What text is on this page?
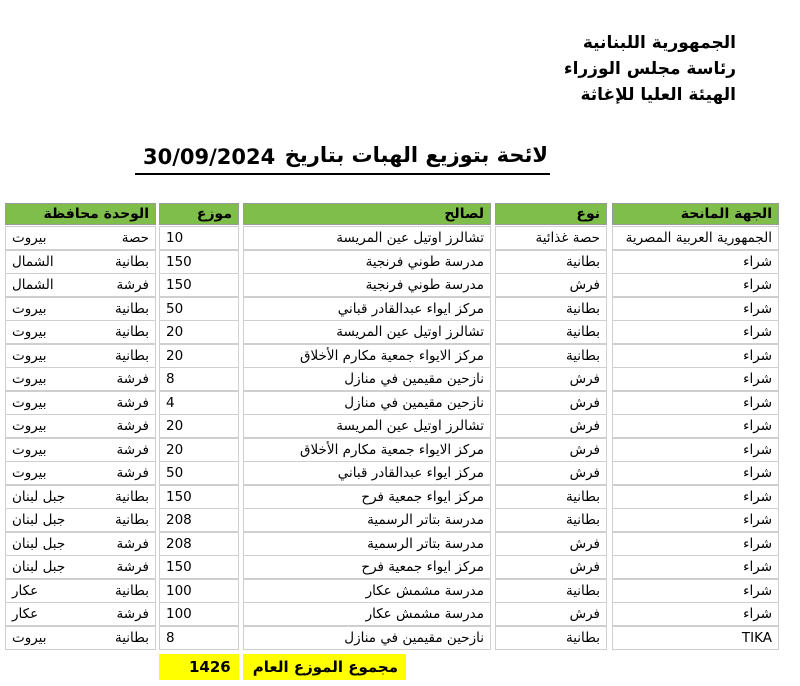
الجمهورية اللبنانية
رئاسة مجلس الوزراء
الهيئة العليا للإغاثة
30/09/2024 لائحة بتوزيع الهبات بتاريخ
الجهة المانحة
نوع
لصالح
موزع
الوحدة محافظة
الجمهورية العربية المصرية
حصة غذائية
تشالرز اوتيل عين المريسة
10
حصة
بيروت
شراء
بطانية
مدرسة طوني فرنجية
150
بطانية
الشمال
شراء
فرش
مدرسة طوني فرنجية
150
فرشة
الشمال
شراء
بطانية
مركز ايواء عبدالقادر قباني
50
بطانية
بيروت
شراء
بطانية
تشالرز اوتيل عين المريسة
20
بطانية
بيروت
شراء
بطانية
مركز الايواء جمعية مكارم الأخلاق
20
بطانية
بيروت
شراء
فرش
نازحين مقيمين في منازل
8
فرشة
بيروت
شراء
فرش
نازحين مقيمين في منازل
4
فرشة
بيروت
شراء
فرش
تشالرز اوتيل عين المريسة
20
فرشة
بيروت
شراء
فرش
مركز الايواء جمعية مكارم الأخلاق
20
فرشة
بيروت
شراء
فرش
مركز ايواء عبدالقادر قباني
50
فرشة
بيروت
شراء
بطانية
مركز ايواء جمعية فرح
150
بطانية
جبل لبنان
شراء
بطانية
مدرسة بتاتر الرسمية
208
بطانية
جبل لبنان
شراء
فرش
مدرسة بتاتر الرسمية
208
فرشة
جبل لبنان
شراء
فرش
مركز ايواء جمعية فرح
150
فرشة
جبل لبنان
شراء
بطانية
مدرسة مشمش عكار
100
بطانية
عكار
شراء
فرش
مدرسة مشمش عكار
100
فرشة
عكار
TIKA
بطانية
نازحين مقيمين في منازل
8
بطانية
بيروت
1426	مجموع الموزع العام
